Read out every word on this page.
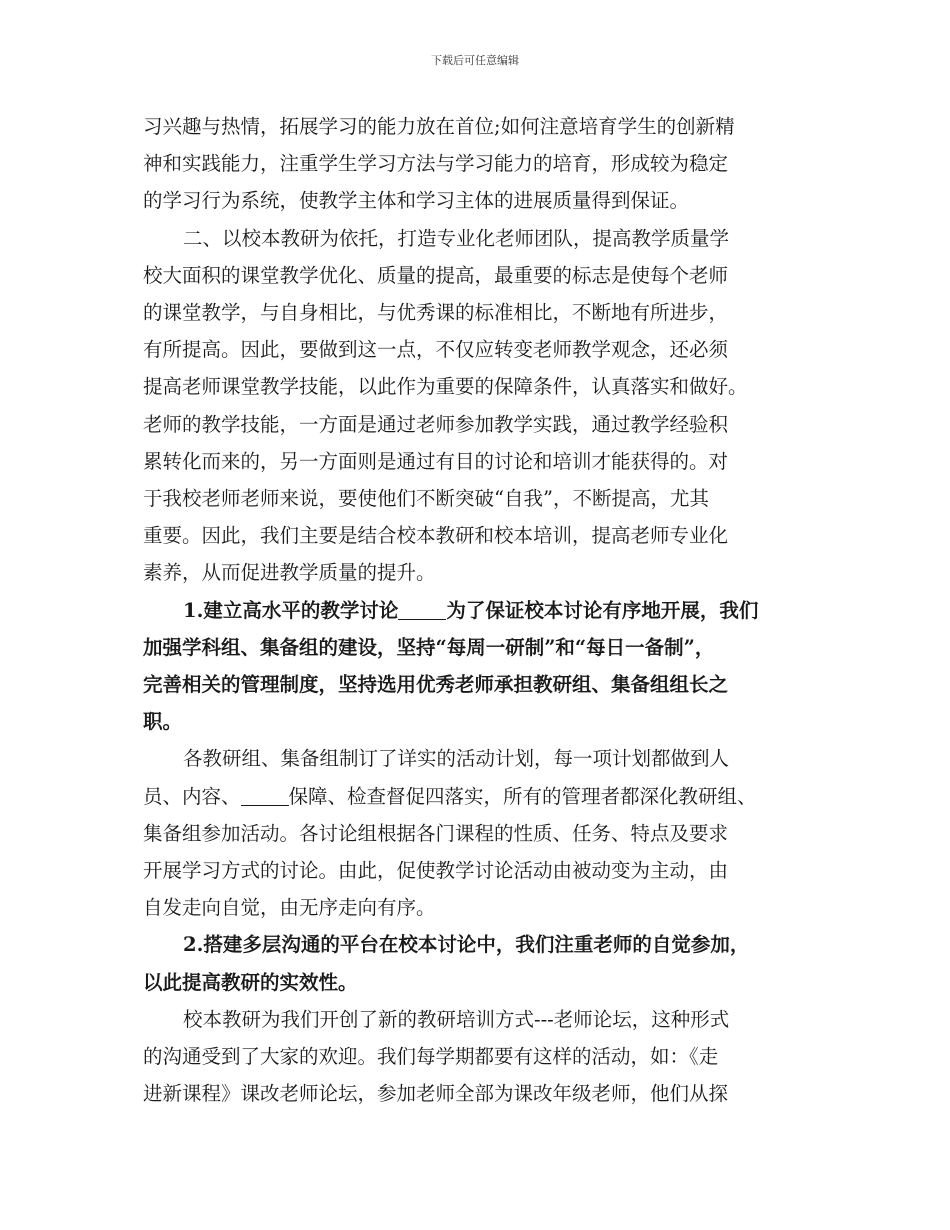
下载后可任意编辑

习兴趣与热情，拓展学习的能力放在首位;如何注意培育学生的创新精
神和实践能力，注重学生学习方法与学习能力的培育，形成较为稳定
的学习行为系统，使教学主体和学习主体的进展质量得到保证。

二、以校本教研为依托，打造专业化老师团队，提高教学质量学
校大面积的课堂教学优化、质量的提高，最重要的标志是使每个老师
的课堂教学，与自身相比，与优秀课的标准相比，不断地有所进步，
有所提高。因此，要做到这一点，不仅应转变老师教学观念，还必须
提高老师课堂教学技能，以此作为重要的保障条件，认真落实和做好。
老师的教学技能，一方面是通过老师参加教学实践，通过教学经验积
累转化而来的，另一方面则是通过有目的讨论和培训才能获得的。对
于我校老师老师来说，要使他们不断突破“自我”，不断提高，尤其
重要。因此，我们主要是结合校本教研和校本培训，提高老师专业化
素养，从而促进教学质量的提升。

1.建立高水平的教学讨论 为了保证校本讨论有序地开展，我们
加强学科组、集备组的建设，坚持“每周一研制”和“每日一备制”，
完善相关的管理制度，坚持选用优秀老师承担教研组、集备组组长之
职。

各教研组、集备组制订了详实的活动计划，每一项计划都做到人
员、内容、 保障、检查督促四落实，所有的管理者都深化教研组、
集备组参加活动。各讨论组根据各门课程的性质、任务、特点及要求
开展学习方式的讨论。由此，促使教学讨论活动由被动变为主动，由
自发走向自觉，由无序走向有序。

2.搭建多层沟通的平台在校本讨论中，我们注重老师的自觉参加，
以此提高教研的实效性。

校本教研为我们开创了新的教研培训方式---老师论坛，这种形式
的沟通受到了大家的欢迎。我们每学期都要有这样的活动，如：《走
进新课程》课改老师论坛，参加老师全部为课改年级老师，他们从探
